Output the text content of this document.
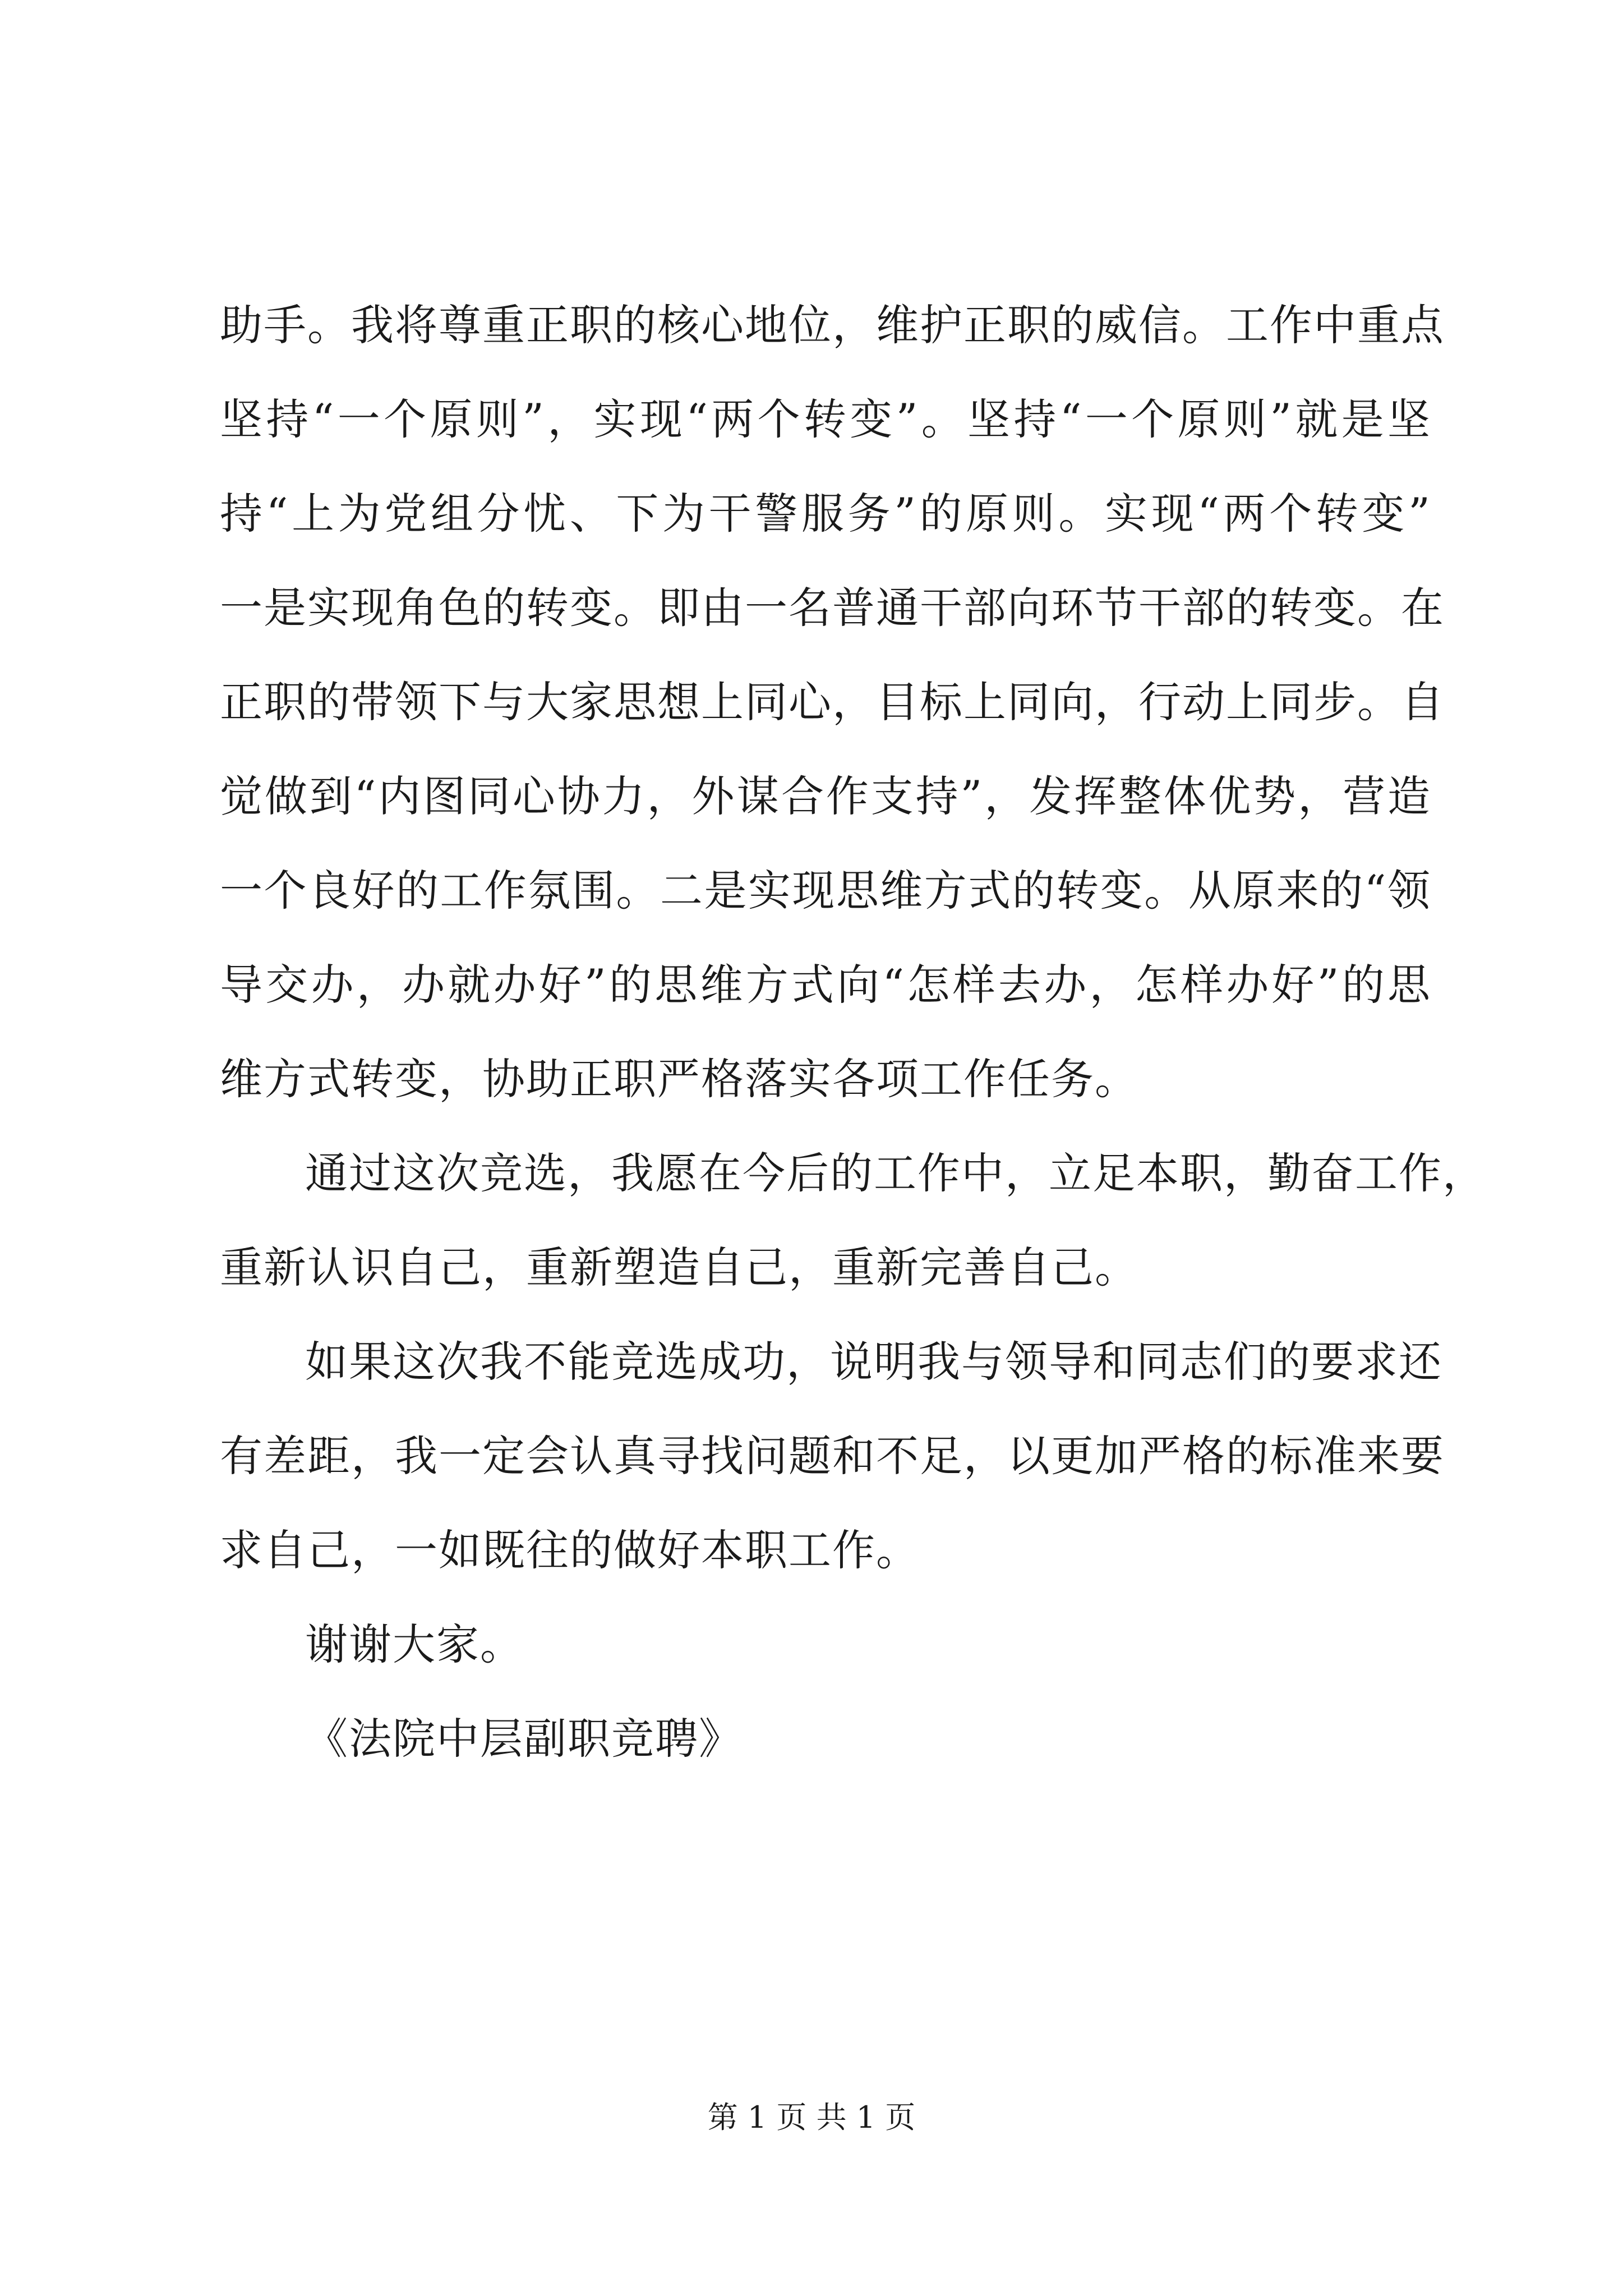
助手。我将尊重正职的核心地位，维护正职的威信。工作中重点
坚持“一个原则”，实现“两个转变”。坚持“一个原则”就是坚
持“上为党组分忧、下为干警服务”的原则。实现“两个转变”
一是实现角色的转变。即由一名普通干部向环节干部的转变。在
正职的带领下与大家思想上同心，目标上同向，行动上同步。自
觉做到“内图同心协力，外谋合作支持”，发挥整体优势，营造
一个良好的工作氛围。二是实现思维方式的转变。从原来的“领
导交办，办就办好”的思维方式向“怎样去办，怎样办好”的思
维方式转变，协助正职严格落实各项工作任务。
通过这次竞选，我愿在今后的工作中，立足本职，勤奋工作，
重新认识自己，重新塑造自己，重新完善自己。
如果这次我不能竞选成功，说明我与领导和同志们的要求还
有差距，我一定会认真寻找问题和不足，以更加严格的标准来要
求自己，一如既往的做好本职工作。
谢谢大家。
《法院中层副职竞聘》
第 1 页 共 1 页
